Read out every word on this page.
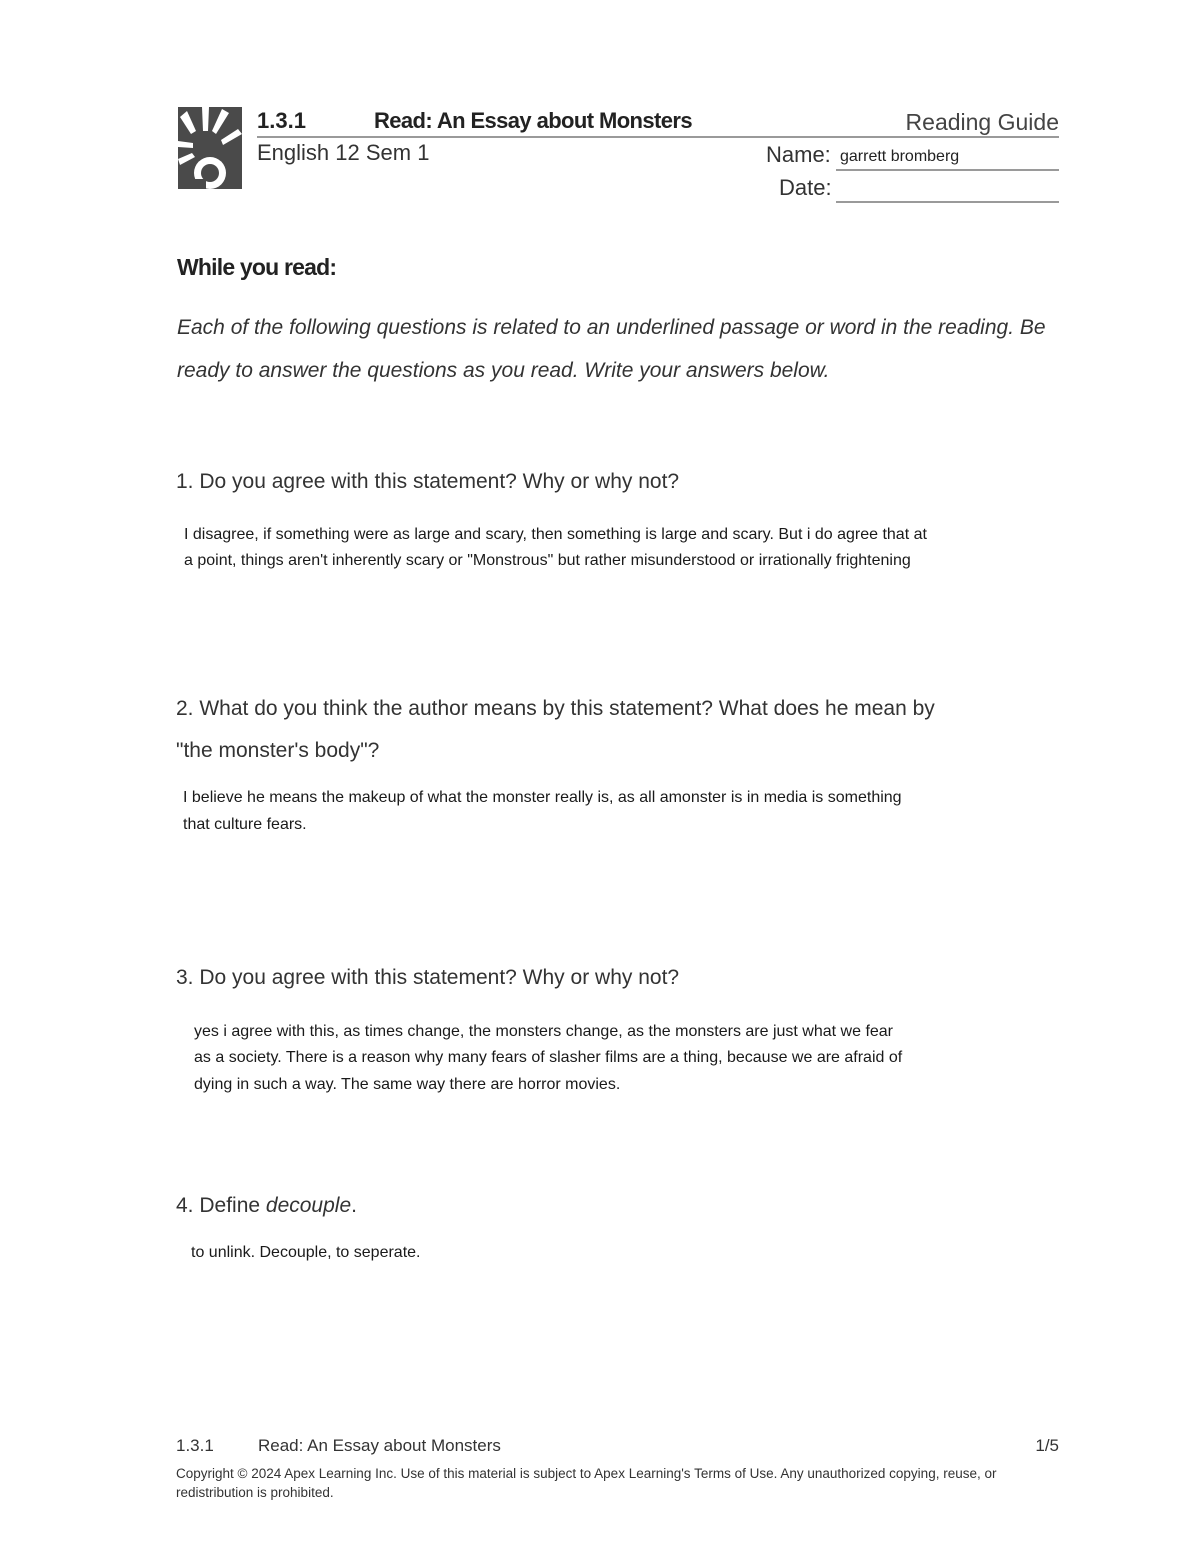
1.3.1	Read: An Essay about Monsters	Reading Guide
English 12 Sem 1	Name: garrett bromberg
Date:
While you read:
Each of the following questions is related to an underlined passage or word in the reading. Be ready to answer the questions as you read. Write your answers below.
1. Do you agree with this statement? Why or why not?
I disagree, if something were as large and scary, then something is large and scary. But i do agree that at
a point, things aren't inherently scary or "Monstrous" but rather misunderstood or irrationally frightening
2. What do you think the author means by this statement? What does he mean by
"the monster's body"?
I believe he means the makeup of what the monster really is, as all amonster is in media is something
that culture fears.
3. Do you agree with this statement? Why or why not?
yes i agree with this, as times change, the monsters change, as the monsters are just what we fear
as a society. There is a reason why many fears of slasher films are a thing, because we are afraid of
dying in such a way. The same way there are horror movies.
4. Define decouple.
to unlink. Decouple, to seperate.
1.3.1	Read: An Essay about Monsters	1/5
Copyright © 2024 Apex Learning Inc. Use of this material is subject to Apex Learning's Terms of Use. Any unauthorized copying, reuse, or redistribution is prohibited.
